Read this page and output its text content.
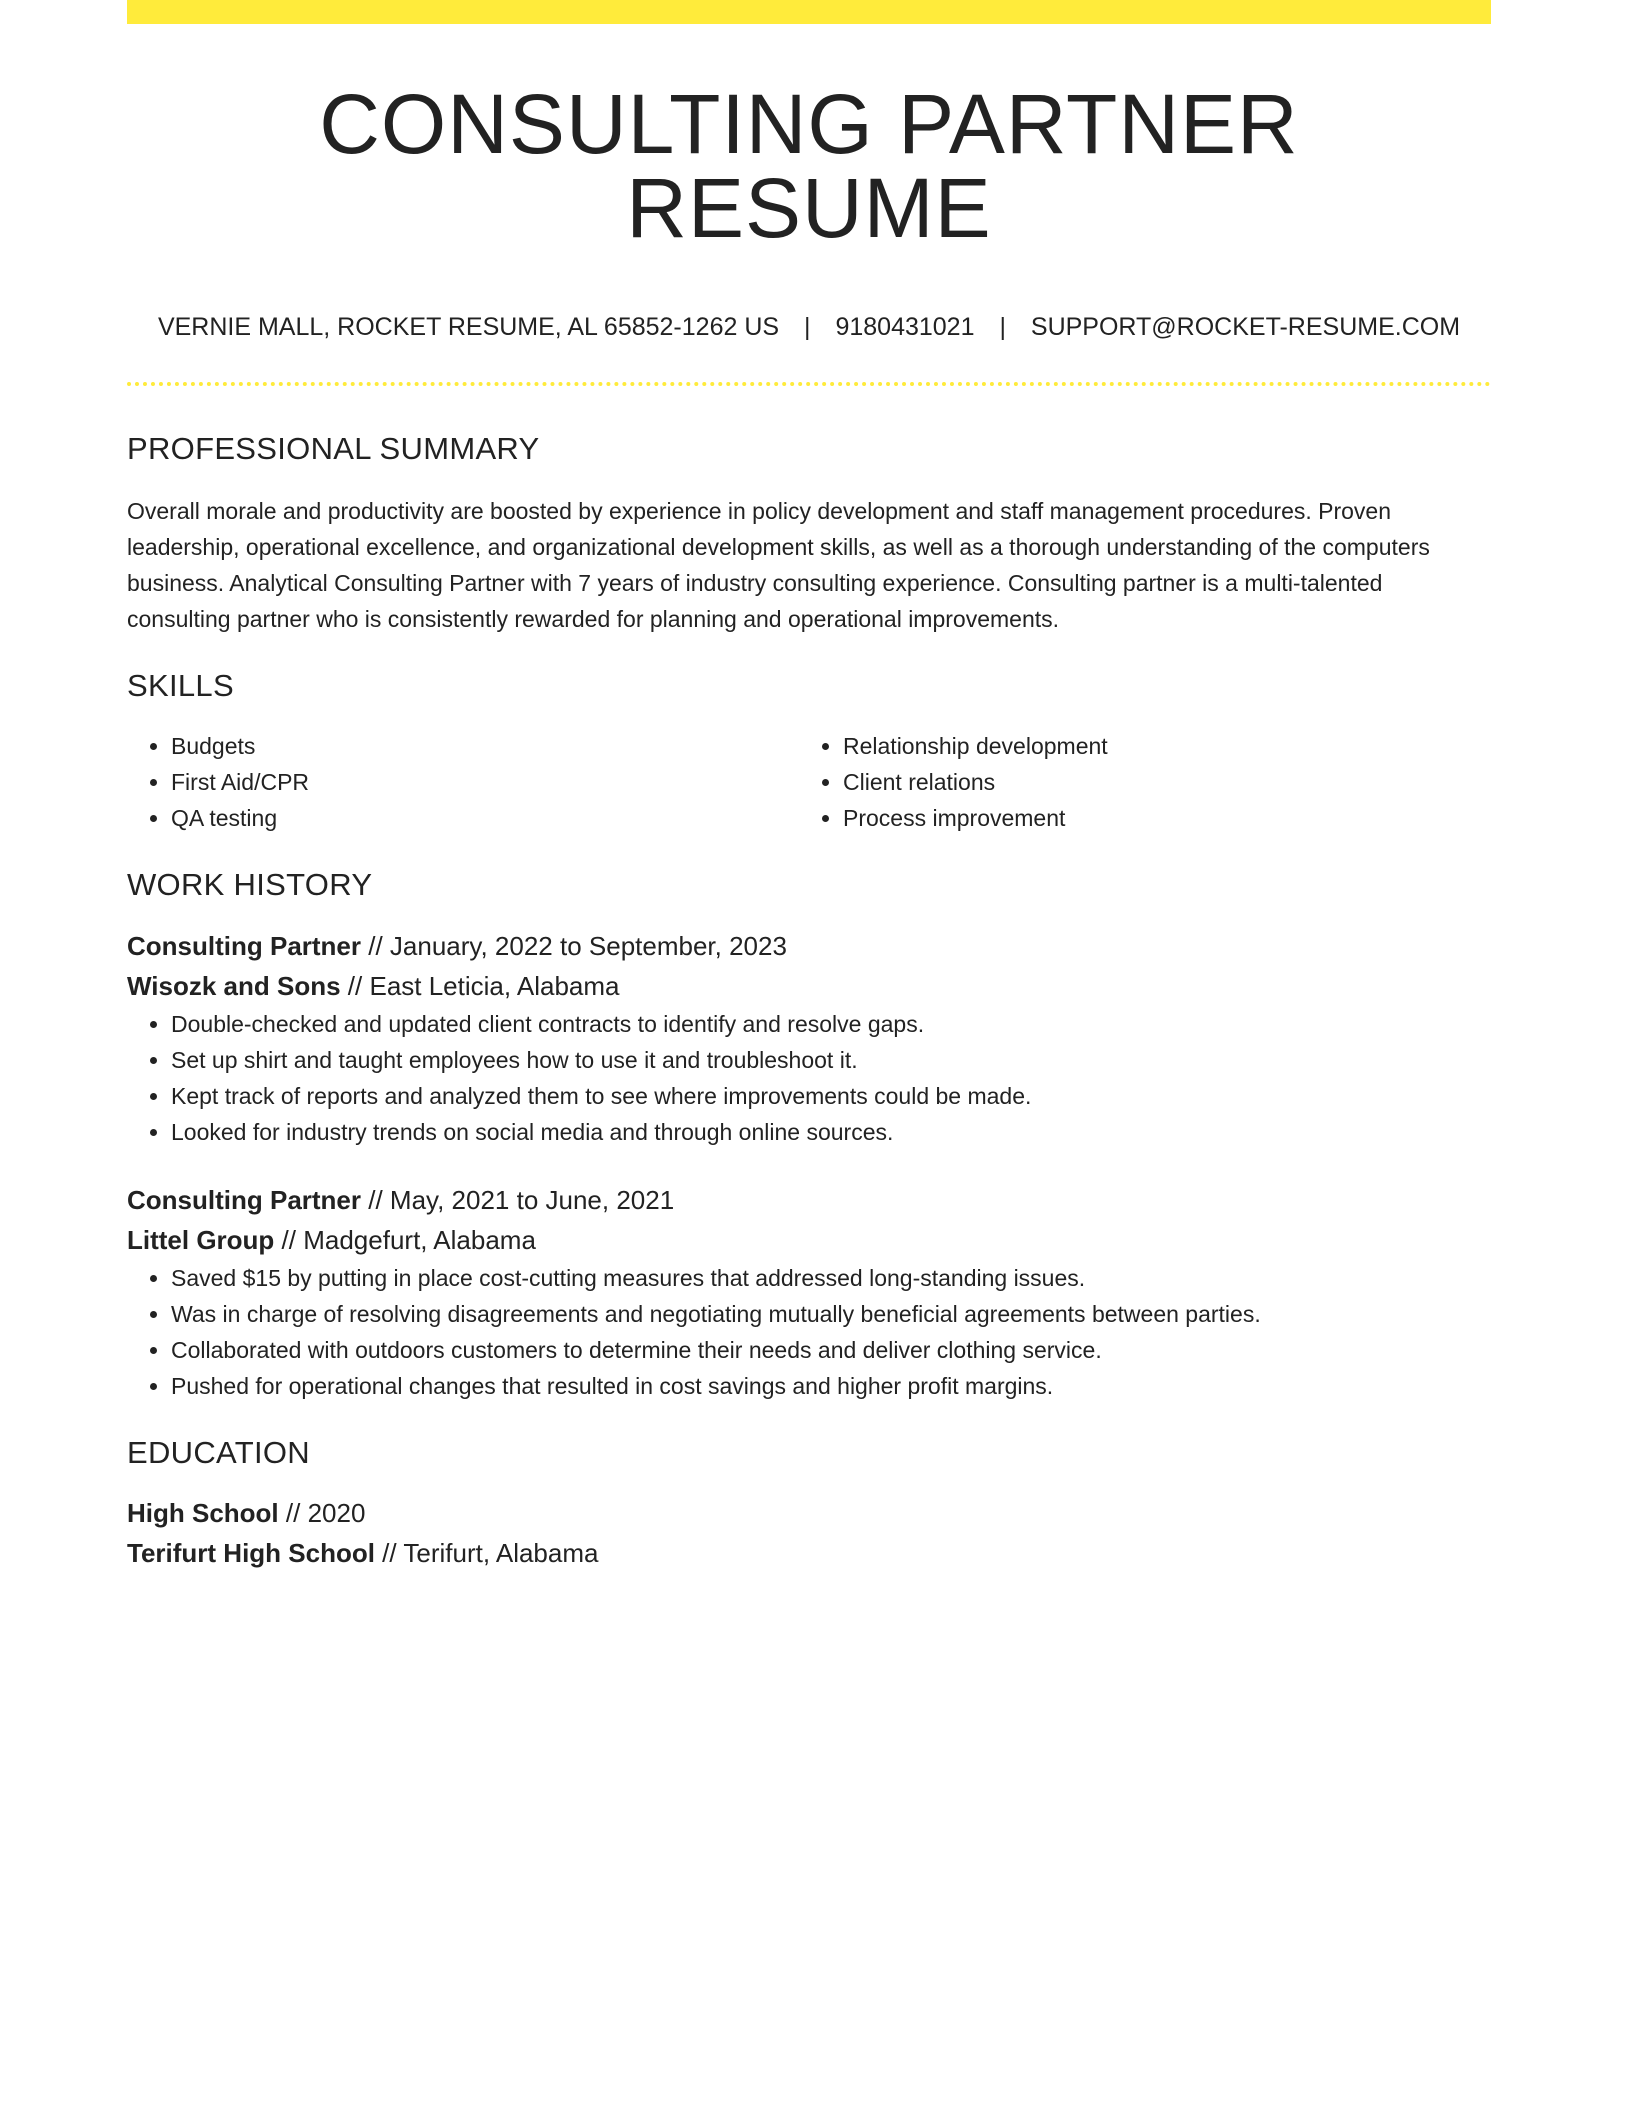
CONSULTING PARTNER RESUME
VERNIE MALL, ROCKET RESUME, AL 65852-1262 US | 9180431021 | SUPPORT@ROCKET-RESUME.COM
PROFESSIONAL SUMMARY
Overall morale and productivity are boosted by experience in policy development and staff management procedures. Proven leadership, operational excellence, and organizational development skills, as well as a thorough understanding of the computers business. Analytical Consulting Partner with 7 years of industry consulting experience. Consulting partner is a multi-talented consulting partner who is consistently rewarded for planning and operational improvements.
SKILLS
• Budgets
• First Aid/CPR
• QA testing
• Relationship development
• Client relations
• Process improvement
WORK HISTORY
Consulting Partner // January, 2022 to September, 2023
Wisozk and Sons // East Leticia, Alabama
• Double-checked and updated client contracts to identify and resolve gaps.
• Set up shirt and taught employees how to use it and troubleshoot it.
• Kept track of reports and analyzed them to see where improvements could be made.
• Looked for industry trends on social media and through online sources.
Consulting Partner // May, 2021 to June, 2021
Littel Group // Madgefurt, Alabama
• Saved $15 by putting in place cost-cutting measures that addressed long-standing issues.
• Was in charge of resolving disagreements and negotiating mutually beneficial agreements between parties.
• Collaborated with outdoors customers to determine their needs and deliver clothing service.
• Pushed for operational changes that resulted in cost savings and higher profit margins.
EDUCATION
High School // 2020
Terifurt High School // Terifurt, Alabama
